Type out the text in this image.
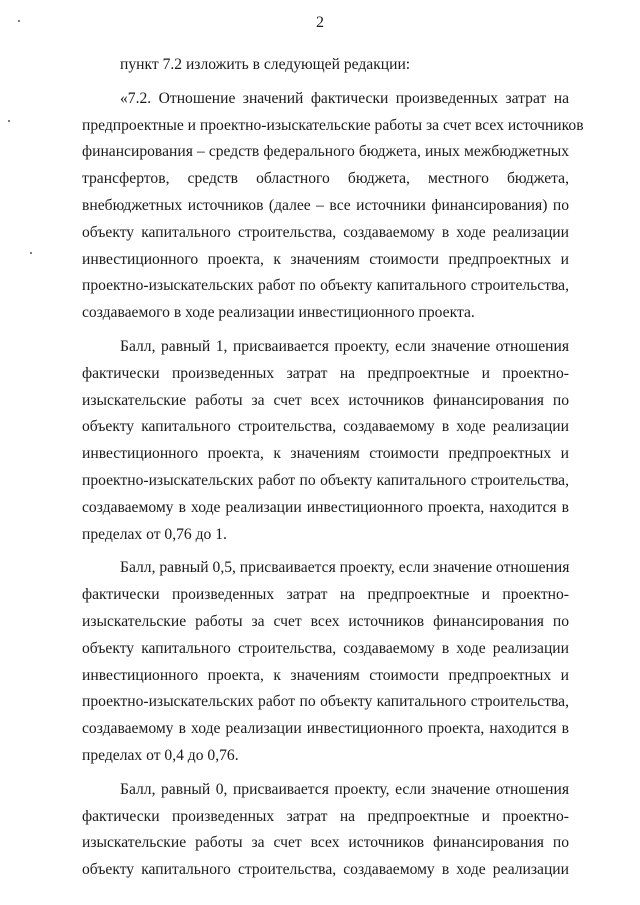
2
пункт 7.2 изложить в следующей редакции:
«7.2. Отношение значений фактически произведенных затрат на
предпроектные и проектно-изыскательские работы за счет всех источников
финансирования – средств федерального бюджета, иных межбюджетных
трансфертов, средств областного бюджета, местного бюджета,
внебюджетных источников (далее – все источники финансирования) по
объекту капитального строительства, создаваемому в ходе реализации
инвестиционного проекта, к значениям стоимости предпроектных и
проектно-изыскательских работ по объекту капитального строительства,
создаваемого в ходе реализации инвестиционного проекта.
Балл, равный 1, присваивается проекту, если значение отношения
фактически произведенных затрат на предпроектные и проектно-
изыскательские работы за счет всех источников финансирования по
объекту капитального строительства, создаваемому в ходе реализации
инвестиционного проекта, к значениям стоимости предпроектных и
проектно-изыскательских работ по объекту капитального строительства,
создаваемому в ходе реализации инвестиционного проекта, находится в
пределах от 0,76 до 1.
Балл, равный 0,5, присваивается проекту, если значение отношения
фактически произведенных затрат на предпроектные и проектно-
изыскательские работы за счет всех источников финансирования по
объекту капитального строительства, создаваемому в ходе реализации
инвестиционного проекта, к значениям стоимости предпроектных и
проектно-изыскательских работ по объекту капитального строительства,
создаваемому в ходе реализации инвестиционного проекта, находится в
пределах от 0,4 до 0,76.
Балл, равный 0, присваивается проекту, если значение отношения
фактически произведенных затрат на предпроектные и проектно-
изыскательские работы за счет всех источников финансирования по
объекту капитального строительства, создаваемому в ходе реализации
